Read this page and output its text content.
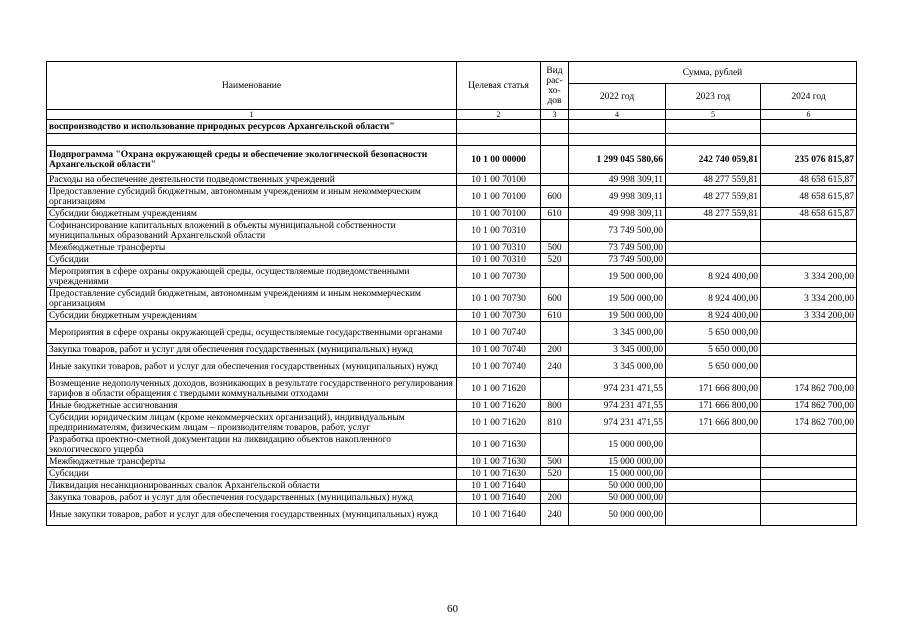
Наименование	Целевая статья	Вид рас-хо-дов	Сумма, рублей		
			2022 год	2023 год	2024 год
1	2	3	4	5	6
воспроизводство и использование природных ресурсов Архангельской области"					

Подпрограмма "Охрана окружающей среды и обеспечение экологической безопасности Архангельской области"	10 1 00 00000		1 299 045 580,66	242 740 059,81	235 076 815,87
Расходы на обеспечение деятельности подведомственных учреждений	10 1 00 70100		49 998 309,11	48 277 559,81	48 658 615,87
Предоставление субсидий бюджетным, автономным учреждениям и иным некоммерческим организациям	10 1 00 70100	600	49 998 309,11	48 277 559,81	48 658 615,87
Субсидии бюджетным учреждениям	10 1 00 70100	610	49 998 309,11	48 277 559,81	48 658 615,87
Софинансирование капитальных вложений в объекты муниципальной собственности муниципальных образований Архангельской области	10 1 00 70310		73 749 500,00		
Межбюджетные трансферты	10 1 00 70310	500	73 749 500,00		
Субсидии	10 1 00 70310	520	73 749 500,00		
Мероприятия в сфере охраны окружающей среды, осуществляемые подведомственными учреждениями	10 1 00 70730		19 500 000,00	8 924 400,00	3 334 200,00
Предоставление субсидий бюджетным, автономным учреждениям и иным некоммерческим организациям	10 1 00 70730	600	19 500 000,00	8 924 400,00	3 334 200,00
Субсидии бюджетным учреждениям	10 1 00 70730	610	19 500 000,00	8 924 400,00	3 334 200,00
Мероприятия в сфере охраны окружающей среды, осуществляемые государственными органами	10 1 00 70740		3 345 000,00	5 650 000,00	
Закупка товаров, работ и услуг для обеспечения государственных (муниципальных) нужд	10 1 00 70740	200	3 345 000,00	5 650 000,00	
Иные закупки товаров, работ и услуг для обеспечения государственных (муниципальных) нужд	10 1 00 70740	240	3 345 000,00	5 650 000,00	
Возмещение недополученных доходов, возникающих в результате государственного регулирования тарифов в области обращения с твердыми коммунальными отходами	10 1 00 71620		974 231 471,55	171 666 800,00	174 862 700,00
Иные бюджетные ассигнования	10 1 00 71620	800	974 231 471,55	171 666 800,00	174 862 700,00
Субсидии юридическим лицам (кроме некоммерческих организаций), индивидуальным предпринимателям, физическим лицам – производителям товаров, работ, услуг	10 1 00 71620	810	974 231 471,55	171 666 800,00	174 862 700,00
Разработка проектно-сметной документации на ликвидацию объектов накопленного экологического ущерба	10 1 00 71630		15 000 000,00		
Межбюджетные трансферты	10 1 00 71630	500	15 000 000,00		
Субсидии	10 1 00 71630	520	15 000 000,00		
Ликвидация несанкционированных свалок Архангельской области	10 1 00 71640		50 000 000,00		
Закупка товаров, работ и услуг для обеспечения государственных (муниципальных) нужд	10 1 00 71640	200	50 000 000,00		
Иные закупки товаров, работ и услуг для обеспечения государственных (муниципальных) нужд	10 1 00 71640	240	50 000 000,00		
60
